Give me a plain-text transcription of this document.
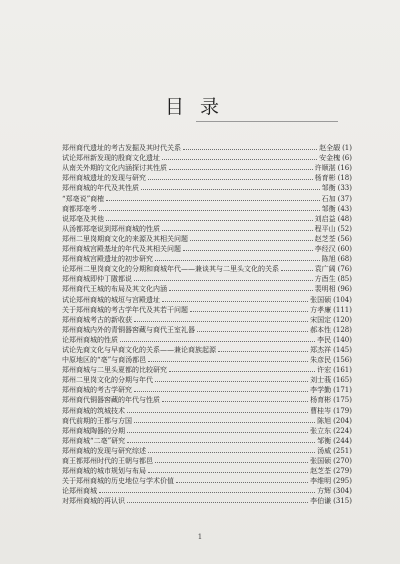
目录
郑州商代遗址的考古发掘及其时代关系	赵全嘏 (1)
试论郑州新发现的殷商文化遗址	安金槐 (6)
从南关外期的文化内涵探讨其性质	许顺湛 (16)
郑州商城遗址的发现与研究	杨育彬 (18)
郑州商城的年代及其性质	邹衡 (33)
“郑亳说”商榷	石加 (37)
商都郑亳考	邹衡 (43)
说郑亳及其他	刘启益 (48)
从汤都郑亳说到郑州商城的性质	程平山 (52)
郑州二里岗期商文化的来源及其相关问题	赵芝荃 (56)
郑州商城宫殿基址的年代及其相关问题	李经汉 (60)
郑州商城宫殿遗址的初步研究	陈旭 (68)
论郑州二里岗商文化的分期和商城年代——兼谈其与二里头文化的关系	袁广阔 (76)
郑州商城即仲丁隞都说	方酉生 (85)
郑州商代王城的布局及其文化内涵	裴明相 (96)
试论郑州商城的城垣与宫殿遗址	张国硕 (104)
关于郑州商城的考古学年代及其若干问题	方孝廉 (111)
郑州商城考古的新收获	宋国定 (120)
郑州商城内外的青铜器窖藏与商代王室礼器	郝本性 (128)
论郑州商城的性质	李民 (140)
试论先商文化与早商文化的关系——兼论商族起源	郑杰祥 (145)
中原地区的“亳”与商汤都邑	朱彦民 (156)
郑州商城与二里头夏都的比较研究	许宏 (161)
郑州二里岗文化的分期与年代	刘士莪 (165)
郑州商城的考古学研究	李学勤 (171)
郑州商代铜器窖藏的年代与性质	杨育彬 (175)
郑州商城的筑城技术	曹桂岑 (179)
商代前期的王都与方国	陈旭 (204)
郑州商城陶器的分期	张立东 (224)
郑州商城“二亳”研究	邹衡 (244)
郑州商城的发现与研究综述	汤威 (251)
商王都郑州时代的王朝与都邑	张国硕 (270)
郑州商城的城市规划与布局	赵芝荃 (279)
关于郑州商城的历史地位与学术价值	李维明 (295)
论郑州商城	方辉 (304)
对郑州商城的再认识	李伯谦 (315)
1
